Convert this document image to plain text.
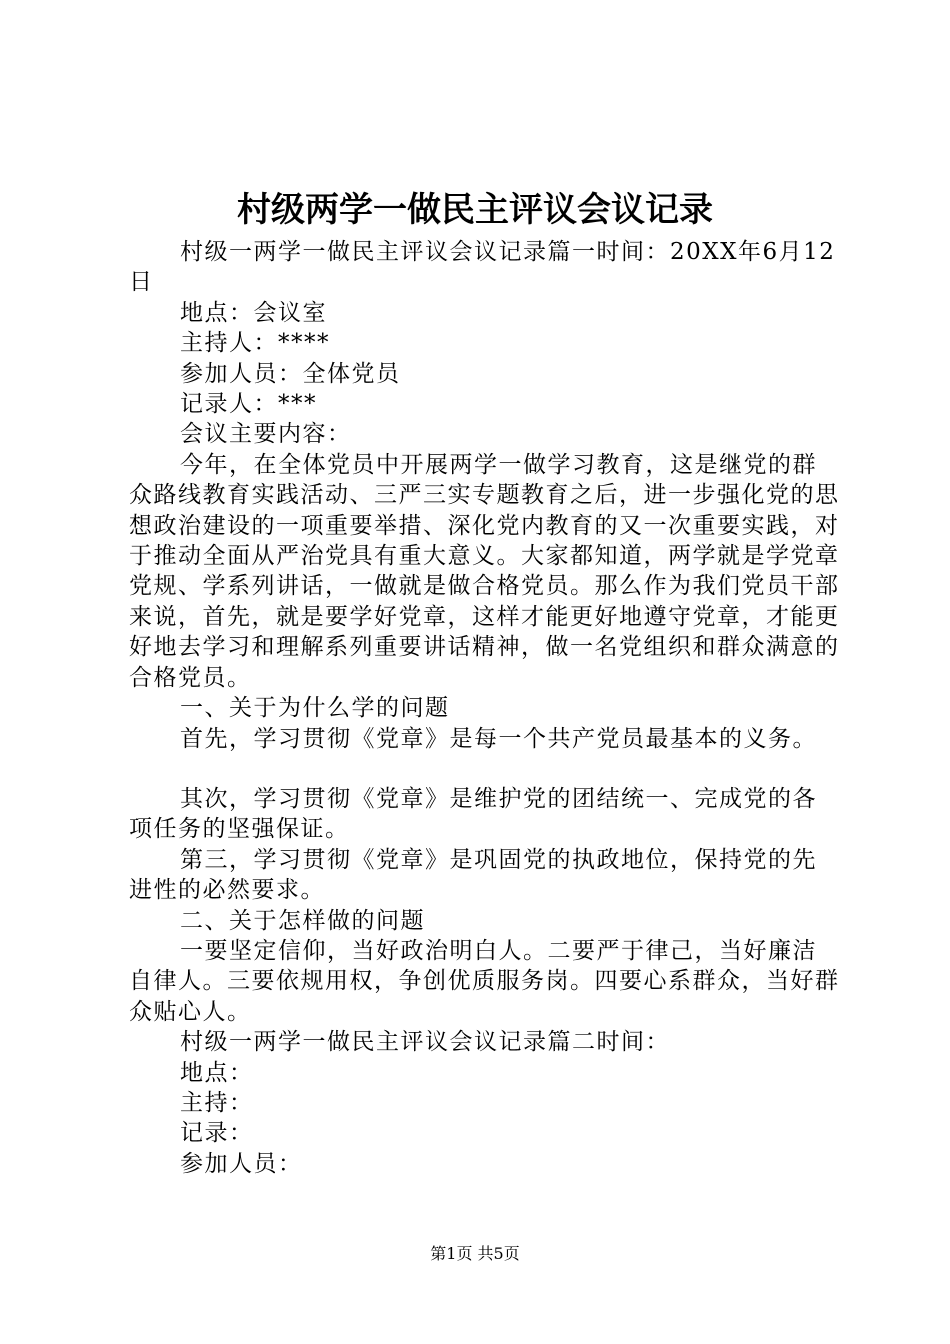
村级两学一做民主评议会议记录

村级一两学一做民主评议会议记录篇一时间：20XX年6月12日

地点：会议室

主持人：****

参加人员：全体党员

记录人：***

会议主要内容：

今年，在全体党员中开展两学一做学习教育，这是继党的群众路线教育实践活动、三严三实专题教育之后，进一步强化党的思想政治建设的一项重要举措、深化党内教育的又一次重要实践，对于推动全面从严治党具有重大意义。大家都知道，两学就是学党章党规、学系列讲话，一做就是做合格党员。那么作为我们党员干部来说，首先，就是要学好党章，这样才能更好地遵守党章，才能更好地去学习和理解系列重要讲话精神，做一名党组织和群众满意的合格党员。

一、关于为什么学的问题

首先，学习贯彻《党章》是每一个共产党员最基本的义务。

其次，学习贯彻《党章》是维护党的团结统一、完成党的各项任务的坚强保证。

第三，学习贯彻《党章》是巩固党的执政地位，保持党的先进性的必然要求。

二、关于怎样做的问题

一要坚定信仰，当好政治明白人。二要严于律己，当好廉洁自律人。三要依规用权，争创优质服务岗。四要心系群众，当好群众贴心人。

村级一两学一做民主评议会议记录篇二时间：

地点：

主持：

记录：

参加人员：

第1页 共5页
